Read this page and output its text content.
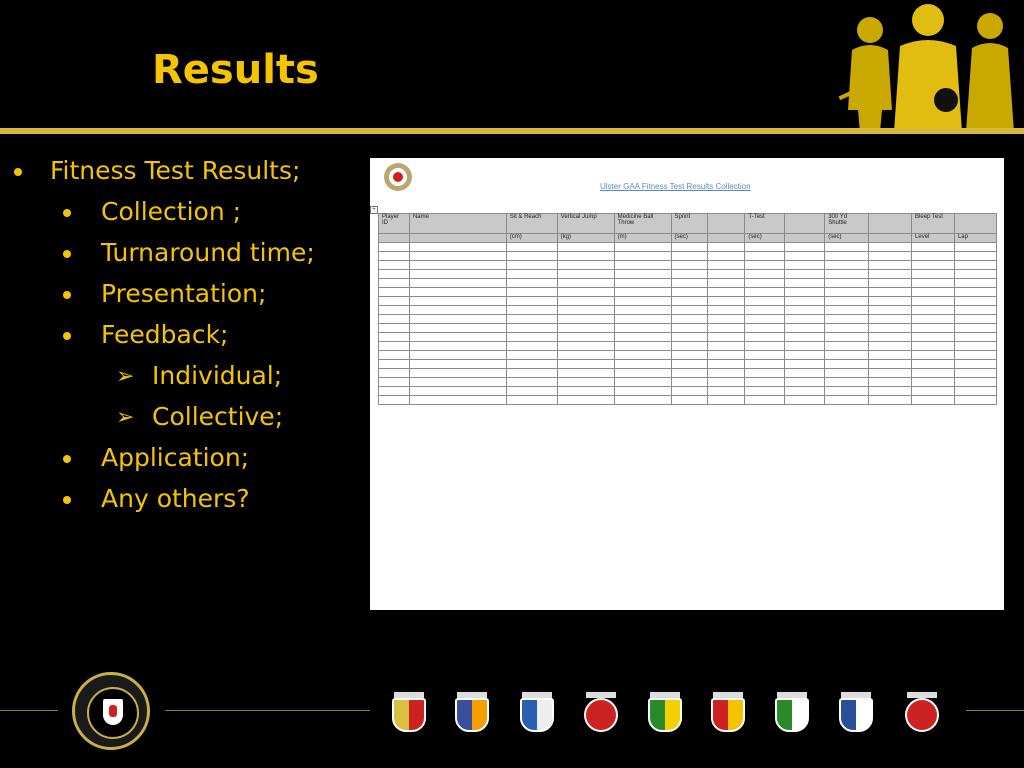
Results
Fitness Test Results;
Collection ;
Turnaround time;
Presentation;
Feedback;
➢ Individual;
➢ Collective;
Application;
Any others?
Ulster GAA Fitness Test Results Collection
+
Player ID	Name	Sit & Reach	Vertical Jump	Medicine Ball Throw	Sprint		T-Test		300 Yd Shuttle		Bleep Test	
		(cm)	(kg)	(m)	(sec)		(sec)		(sec)		Level	Lap
